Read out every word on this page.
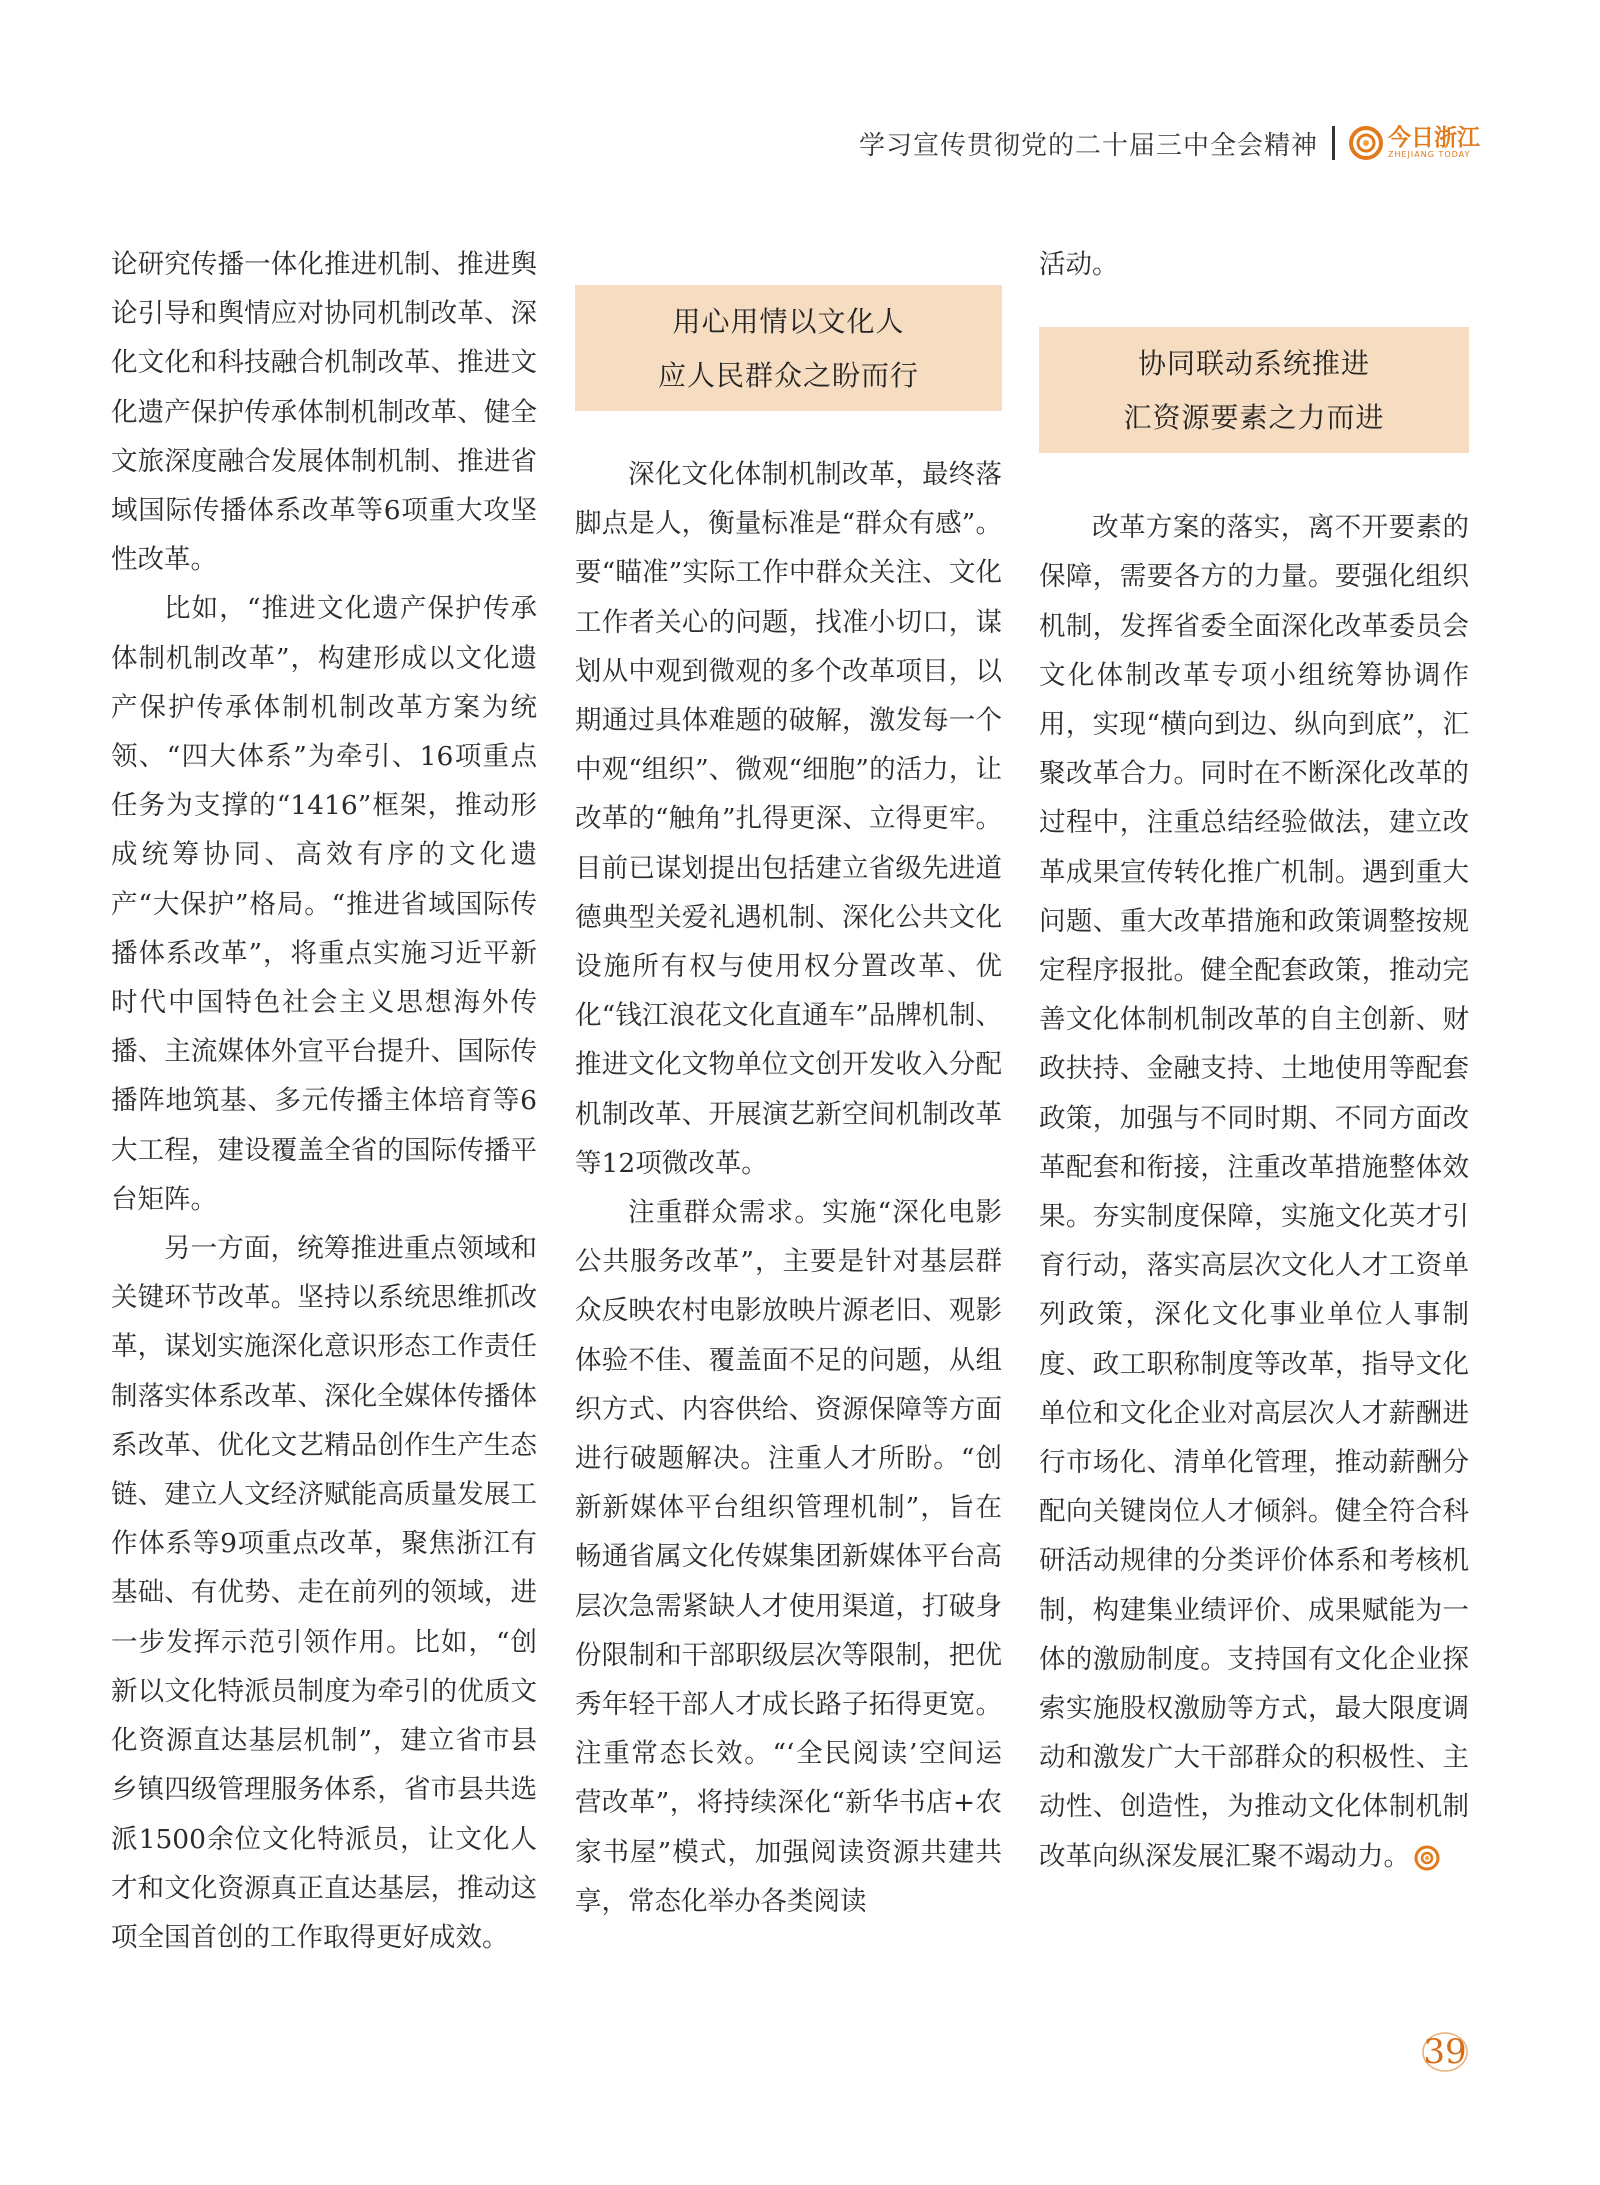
学习宣传贯彻党的二十届三中全会精神	今日浙江
ZHEJIANG TODAY

论研究传播一体化推进机制、推进舆论引导和舆情应对协同机制改革、深化文化和科技融合机制改革、推进文化遗产保护传承体制机制改革、健全文旅深度融合发展体制机制、推进省域国际传播体系改革等6项重大攻坚性改革。

比如，“推进文化遗产保护传承体制机制改革”，构建形成以文化遗产保护传承体制机制改革方案为统领、“四大体系”为牵引、16项重点任务为支撑的“1416”框架，推动形成统筹协同、高效有序的文化遗产“大保护”格局。“推进省域国际传播体系改革”，将重点实施习近平新时代中国特色社会主义思想海外传播、主流媒体外宣平台提升、国际传播阵地筑基、多元传播主体培育等6大工程，建设覆盖全省的国际传播平台矩阵。

另一方面，统筹推进重点领域和关键环节改革。坚持以系统思维抓改革，谋划实施深化意识形态工作责任制落实体系改革、深化全媒体传播体系改革、优化文艺精品创作生产生态链、建立人文经济赋能高质量发展工作体系等9项重点改革，聚焦浙江有基础、有优势、走在前列的领域，进一步发挥示范引领作用。比如，“创新以文化特派员制度为牵引的优质文化资源直达基层机制”，建立省市县乡镇四级管理服务体系，省市县共选派1500余位文化特派员，让文化人才和文化资源真正直达基层，推动这项全国首创的工作取得更好成效。

用心用情以文化人
应人民群众之盼而行

深化文化体制机制改革，最终落脚点是人，衡量标准是“群众有感”。要“瞄准”实际工作中群众关注、文化工作者关心的问题，找准小切口，谋划从中观到微观的多个改革项目，以期通过具体难题的破解，激发每一个中观“组织”、微观“细胞”的活力，让改革的“触角”扎得更深、立得更牢。目前已谋划提出包括建立省级先进道德典型关爱礼遇机制、深化公共文化设施所有权与使用权分置改革、优化“钱江浪花文化直通车”品牌机制、推进文化文物单位文创开发收入分配机制改革、开展演艺新空间机制改革等12项微改革。

注重群众需求。实施“深化电影公共服务改革”，主要是针对基层群众反映农村电影放映片源老旧、观影体验不佳、覆盖面不足的问题，从组织方式、内容供给、资源保障等方面进行破题解决。注重人才所盼。“创新新媒体平台组织管理机制”，旨在畅通省属文化传媒集团新媒体平台高层次急需紧缺人才使用渠道，打破身份限制和干部职级层次等限制，把优秀年轻干部人才成长路子拓得更宽。注重常态长效。“‘全民阅读’空间运营改革”，将持续深化“新华书店+农家书屋”模式，加强阅读资源共建共享，常态化举办各类阅读

活动。

协同联动系统推进
汇资源要素之力而进

改革方案的落实，离不开要素的保障，需要各方的力量。要强化组织机制，发挥省委全面深化改革委员会文化体制改革专项小组统筹协调作用，实现“横向到边、纵向到底”，汇聚改革合力。同时在不断深化改革的过程中，注重总结经验做法，建立改革成果宣传转化推广机制。遇到重大问题、重大改革措施和政策调整按规定程序报批。健全配套政策，推动完善文化体制机制改革的自主创新、财政扶持、金融支持、土地使用等配套政策，加强与不同时期、不同方面改革配套和衔接，注重改革措施整体效果。夯实制度保障，实施文化英才引育行动，落实高层次文化人才工资单列政策，深化文化事业单位人事制度、政工职称制度等改革，指导文化单位和文化企业对高层次人才薪酬进行市场化、清单化管理，推动薪酬分配向关键岗位人才倾斜。健全符合科研活动规律的分类评价体系和考核机制，构建集业绩评价、成果赋能为一体的激励制度。支持国有文化企业探索实施股权激励等方式，最大限度调动和激发广大干部群众的积极性、主动性、创造性，为推动文化体制机制改革向纵深发展汇聚不竭动力。

39
